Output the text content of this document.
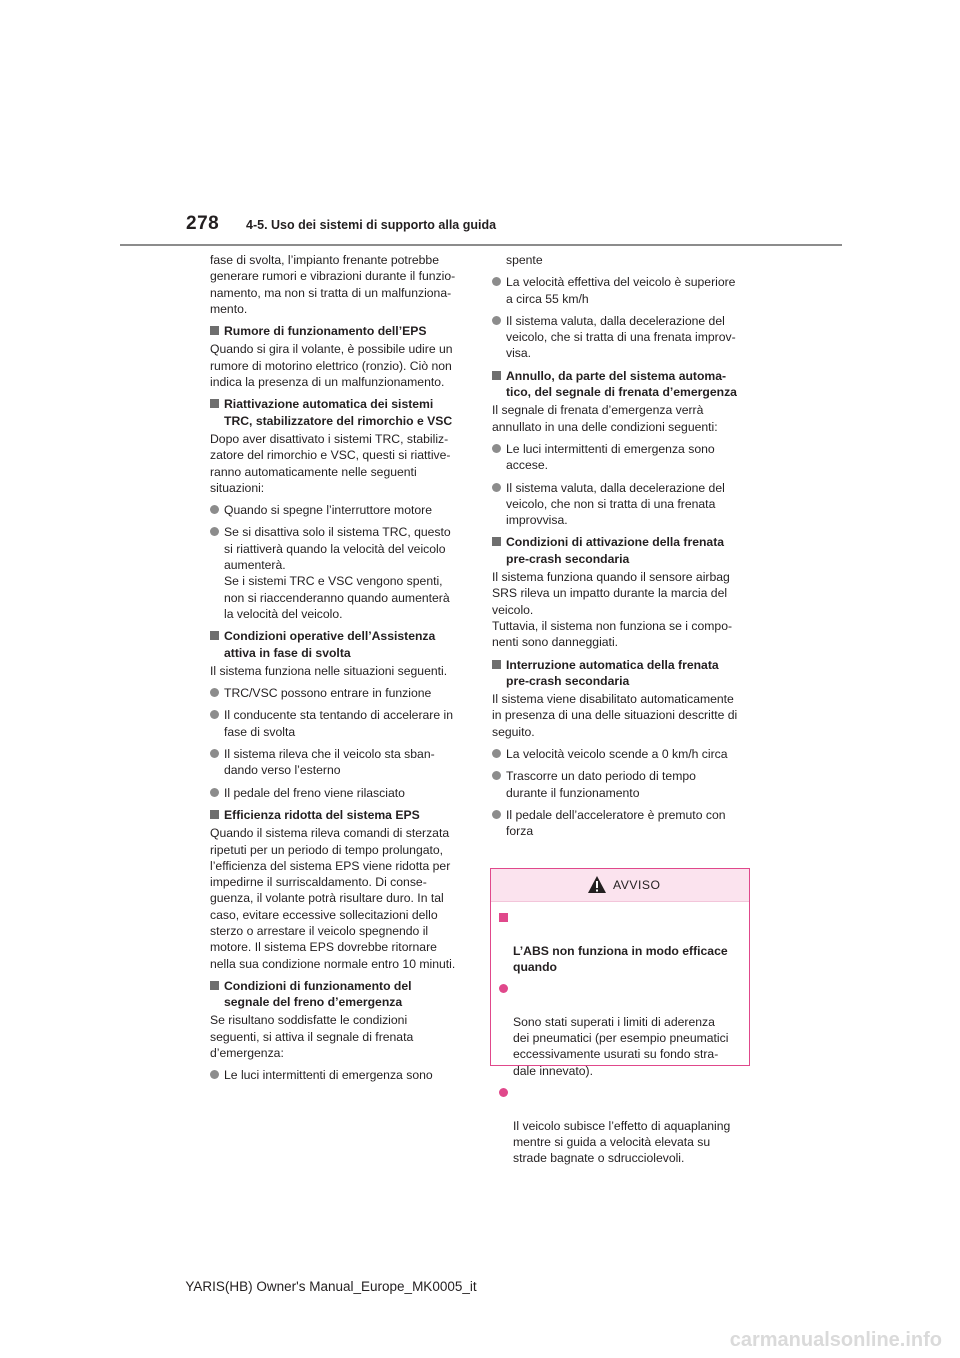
278 4-5. Uso dei sistemi di supporto alla guida
fase di svolta, l’impianto frenante potrebbe
generare rumori e vibrazioni durante il funzio-
namento, ma non si tratta di un malfunziona-
mento.
Rumore di funzionamento dell’EPS
Quando si gira il volante, è possibile udire un
rumore di motorino elettrico (ronzio). Ciò non
indica la presenza di un malfunzionamento.
Riattivazione automatica dei sistemi
TRC, stabilizzatore del rimorchio e VSC
Dopo aver disattivato i sistemi TRC, stabiliz-
zatore del rimorchio e VSC, questi si riattive-
ranno automaticamente nelle seguenti
situazioni:
Quando si spegne l’interruttore motore
Se si disattiva solo il sistema TRC, questo
si riattiverà quando la velocità del veicolo
aumenterà.
Se i sistemi TRC e VSC vengono spenti,
non si riaccenderanno quando aumenterà
la velocità del veicolo.
Condizioni operative dell’Assistenza
attiva in fase di svolta
Il sistema funziona nelle situazioni seguenti.
TRC/VSC possono entrare in funzione
Il conducente sta tentando di accelerare in
fase di svolta
Il sistema rileva che il veicolo sta sban-
dando verso l’esterno
Il pedale del freno viene rilasciato
Efficienza ridotta del sistema EPS
Quando il sistema rileva comandi di sterzata
ripetuti per un periodo di tempo prolungato,
l’efficienza del sistema EPS viene ridotta per
impedirne il surriscaldamento. Di conse-
guenza, il volante potrà risultare duro. In tal
caso, evitare eccessive sollecitazioni dello
sterzo o arrestare il veicolo spegnendo il
motore. Il sistema EPS dovrebbe ritornare
nella sua condizione normale entro 10 minuti.
Condizioni di funzionamento del
segnale del freno d’emergenza
Se risultano soddisfatte le condizioni
seguenti, si attiva il segnale di frenata
d’emergenza:
Le luci intermittenti di emergenza sono
spente
La velocità effettiva del veicolo è superiore
a circa 55 km/h
Il sistema valuta, dalla decelerazione del
veicolo, che si tratta di una frenata improv-
visa.
Annullo, da parte del sistema automa-
tico, del segnale di frenata d’emergenza
Il segnale di frenata d’emergenza verrà
annullato in una delle condizioni seguenti:
Le luci intermittenti di emergenza sono
accese.
Il sistema valuta, dalla decelerazione del
veicolo, che non si tratta di una frenata
improvvisa.
Condizioni di attivazione della frenata
pre-crash secondaria
Il sistema funziona quando il sensore airbag
SRS rileva un impatto durante la marcia del
veicolo.
Tuttavia, il sistema non funziona se i compo-
nenti sono danneggiati.
Interruzione automatica della frenata
pre-crash secondaria
Il sistema viene disabilitato automaticamente
in presenza di una delle situazioni descritte di
seguito.
La velocità veicolo scende a 0 km/h circa
Trascorre un dato periodo di tempo
durante il funzionamento
Il pedale dell’acceleratore è premuto con
forza
AVVISO

L’ABS non funziona in modo efficace
quando

Sono stati superati i limiti di aderenza
dei pneumatici (per esempio pneumatici
eccessivamente usurati su fondo stra-
dale innevato).

Il veicolo subisce l’effetto di aquaplaning
mentre si guida a velocità elevata su
strade bagnate o sdrucciolevoli.

YARIS(HB) Owner's Manual_Europe_MK0005_it
carmanualsonline.info
